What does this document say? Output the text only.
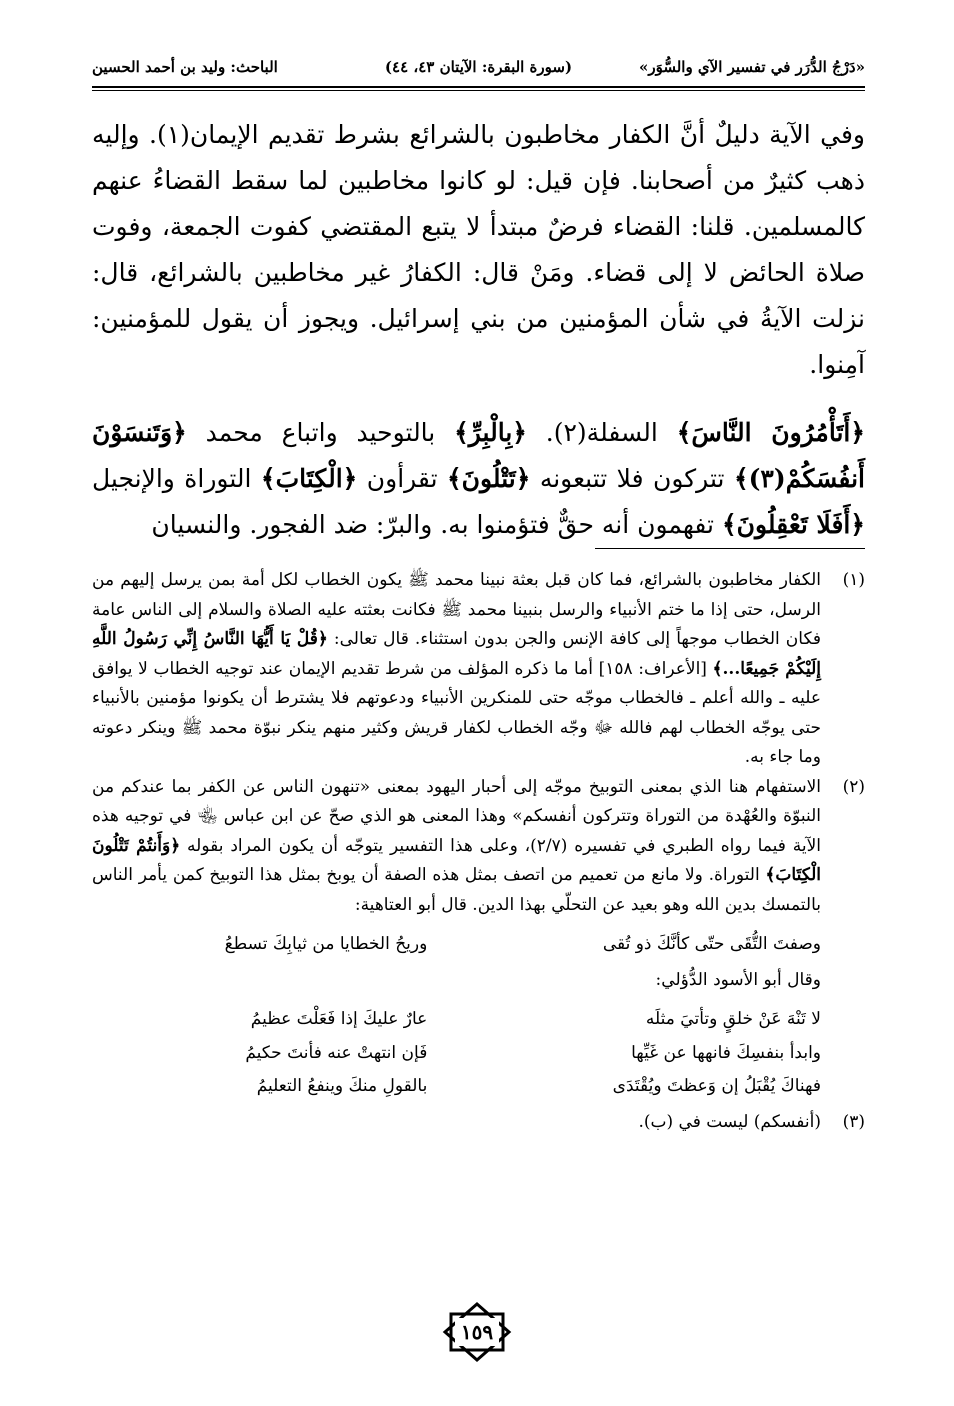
«دَرْجُ الدُّرَر في تفسير الآي والسُّوَر»
(سورة البقرة: الآيتان ٤٣، ٤٤)
الباحث: وليد بن أحمد الحسين

وفي الآية دليلٌ أنَّ الكفار مخاطبون بالشرائع بشرط تقديم الإيمان(١). وإليه ذهب كثيرٌ من أصحابنا. فإن قيل: لو كانوا مخاطبين لما سقط القضاءُ عنهم كالمسلمين. قلنا: القضاء فرضٌ مبتدأ لا يتبع المقتضي كفوت الجمعة، وفوت صلاة الحائض لا إلى قضاء. ومَنْ قال: الكفارُ غير مخاطبين بالشرائع، قال: نزلت الآيةُ في شأن المؤمنين من بني إسرائيل. ويجوز أن يقول للمؤمنين: آمِنوا.

﴿أَتَأْمُرُونَ النَّاسَ﴾ السفلة(٢). ﴿بِالْبِرِّ﴾ بالتوحيد واتباع محمد ﴿وَتَنسَوْنَ أَنفُسَكُمْ(٣)﴾ تتركون فلا تتبعونه ﴿تَتْلُونَ﴾ تقرأون ﴿الْكِتَابَ﴾ التوراة والإنجيل ﴿أَفَلَا تَعْقِلُونَ﴾ تفهمون أنه حقٌّ فتؤمنوا به. والبرّ: ضد الفجور. والنسيان

(١)
الكفار مخاطبون بالشرائع، فما كان قبل بعثة نبينا محمد ﷺ يكون الخطاب لكل أمة بمن يرسل إليهم من الرسل، حتى إذا ما ختم الأنبياء والرسل بنبينا محمد ﷺ فكانت بعثته عليه الصلاة والسلام إلى الناس عامة فكان الخطاب موجهاً إلى كافة الإنس والجن بدون استثناء. قال تعالى: ﴿قُلْ يَا أَيُّهَا النَّاسُ إِنِّي رَسُولُ اللَّهِ إِلَيْكُمْ جَمِيعًا...﴾ [الأعراف: ١٥٨] أما ما ذكره المؤلف من شرط تقديم الإيمان عند توجيه الخطاب لا يوافق عليه ـ والله أعلم ـ فالخطاب موجّه حتى للمنكرين الأنبياء ودعوتهم فلا يشترط أن يكونوا مؤمنين بالأنبياء حتى يوجّه الخطاب لهم فالله ﷻ وجّه الخطاب لكفار قريش وكثير منهم ينكر نبوّة محمد ﷺ وينكر دعوته وما جاء به.
(٢)

الاستفهام هنا الذي بمعنى التوبيخ موجّه إلى أحبار اليهود بمعنى «تنهون الناس عن الكفر بما عندكم من النبوّة والعُهْدة من التوراة وتتركون أنفسكم» وهذا المعنى هو الذي صحّ عن ابن عباس ﵄ في توجيه هذه الآية فيما رواه الطبري في تفسيره (٢/٧)، وعلى هذا التفسير يتوجّه أن يكون المراد بقوله ﴿وَأَنتُمْ تَتْلُونَ الْكِتَابَ﴾ التوراة. ولا مانع من تعميم من اتصف بمثل هذه الصفة أن يوبخ بمثل هذا التوبيخ كمن يأمر الناس بالتمسك بدين الله وهو بعيد عن التحلّي بهذا الدين. قال أبو العتاهية:

وصفتَ التُّقَى حتّى كأنَّكَ ذو تُقى
وريحُ الخطايا من ثيابِكَ تسطعُ

وقال أبو الأسود الدُّؤلي:

لا تَنْهَ عَنْ خلقٍ وتأتيَ مثلَه
عارٌ عليكَ إذا فَعَلْتَ عظيمُ
وابدأ بنفسِكَ فانهها عن غَيِّها
فَإن انتهتْ عنه فأنتَ حكيمُ
فهناكَ يُقْبَلُ إن وَعظتَ ويُقْتَدَى
بالقولِ منكَ وينفعُ التعليمُ
(٣)
(أنفسكم) ليست في (ب).
١٥٩
